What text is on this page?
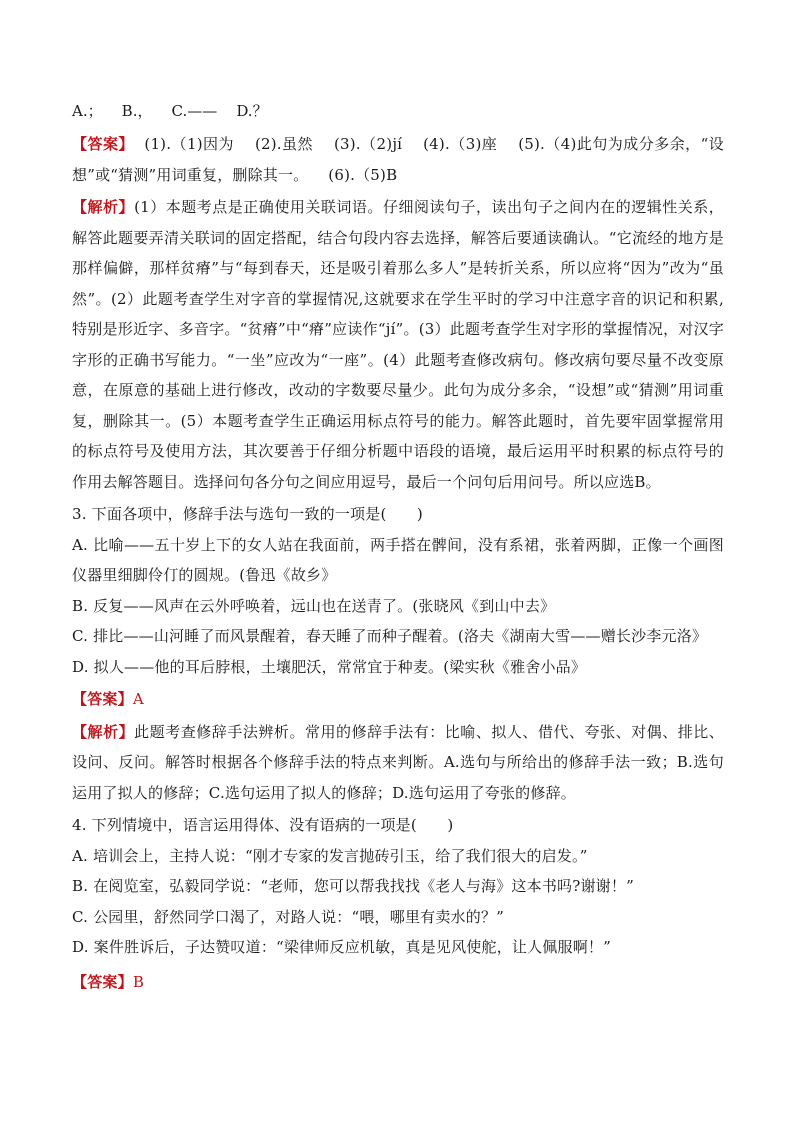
A.；    B.，    C.——    D.？
【答案】  (1).（1)因为    (2).虽然    (3).（2)jí    (4).（3)座    (5).（4)此句为成分多余，“设想”或“猜测”用词重复，删除其一。    (6).（5)B
【解析】(1）本题考点是正确使用关联词语。仔细阅读句子，读出句子之间内在的逻辑性关系，解答此题要弄清关联词的固定搭配，结合句段内容去选择，解答后要通读确认。“它流经的地方是那样偏僻，那样贫瘠”与“每到春天，还是吸引着那么多人”是转折关系，所以应将“因为”改为“虽然”。(2）此题考查学生对字音的掌握情况,这就要求在学生平时的学习中注意字音的识记和积累,特别是形近字、多音字。“贫瘠”中“瘠”应读作“jí”。(3）此题考查学生对字形的掌握情况，对汉字字形的正确书写能力。“一坐”应改为“一座”。(4）此题考查修改病句。修改病句要尽量不改变原意，在原意的基础上进行修改，改动的字数要尽量少。此句为成分多余，“设想”或“猜测”用词重复，删除其一。(5）本题考查学生正确运用标点符号的能力。解答此题时，首先要牢固掌握常用的标点符号及使用方法，其次要善于仔细分析题中语段的语境，最后运用平时积累的标点符号的作用去解答题目。选择问句各分句之间应用逗号，最后一个问句后用问号。所以应选B。
3. 下面各项中，修辞手法与选句一致的一项是(　　)
A. 比喻——五十岁上下的女人站在我面前，两手搭在髀间，没有系裙，张着两脚，正像一个画图仪器里细脚伶仃的圆规。(鲁迅《故乡》
B. 反复——风声在云外呼唤着，远山也在送青了。(张晓风《到山中去》
C. 排比——山河睡了而风景醒着，春天睡了而种子醒着。(洛夫《湖南大雪——赠长沙李元洛》
D. 拟人——他的耳后脖根，土壤肥沃，常常宜于种麦。(梁实秋《雅舍小品》
【答案】A
【解析】此题考查修辞手法辨析。常用的修辞手法有：比喻、拟人、借代、夸张、对偶、排比、设问、反问。解答时根据各个修辞手法的特点来判断。A.选句与所给出的修辞手法一致；B.选句运用了拟人的修辞；C.选句运用了拟人的修辞；D.选句运用了夸张的修辞。
4. 下列情境中，语言运用得体、没有语病的一项是(　　)
A. 培训会上，主持人说：“刚才专家的发言抛砖引玉，给了我们很大的启发。”
B. 在阅览室，弘毅同学说：“老师，您可以帮我找找《老人与海》这本书吗?谢谢！”
C. 公园里，舒然同学口渴了，对路人说：“喂，哪里有卖水的？”
D. 案件胜诉后，子达赞叹道：“梁律师反应机敏，真是见风使舵，让人佩服啊！”
【答案】B
